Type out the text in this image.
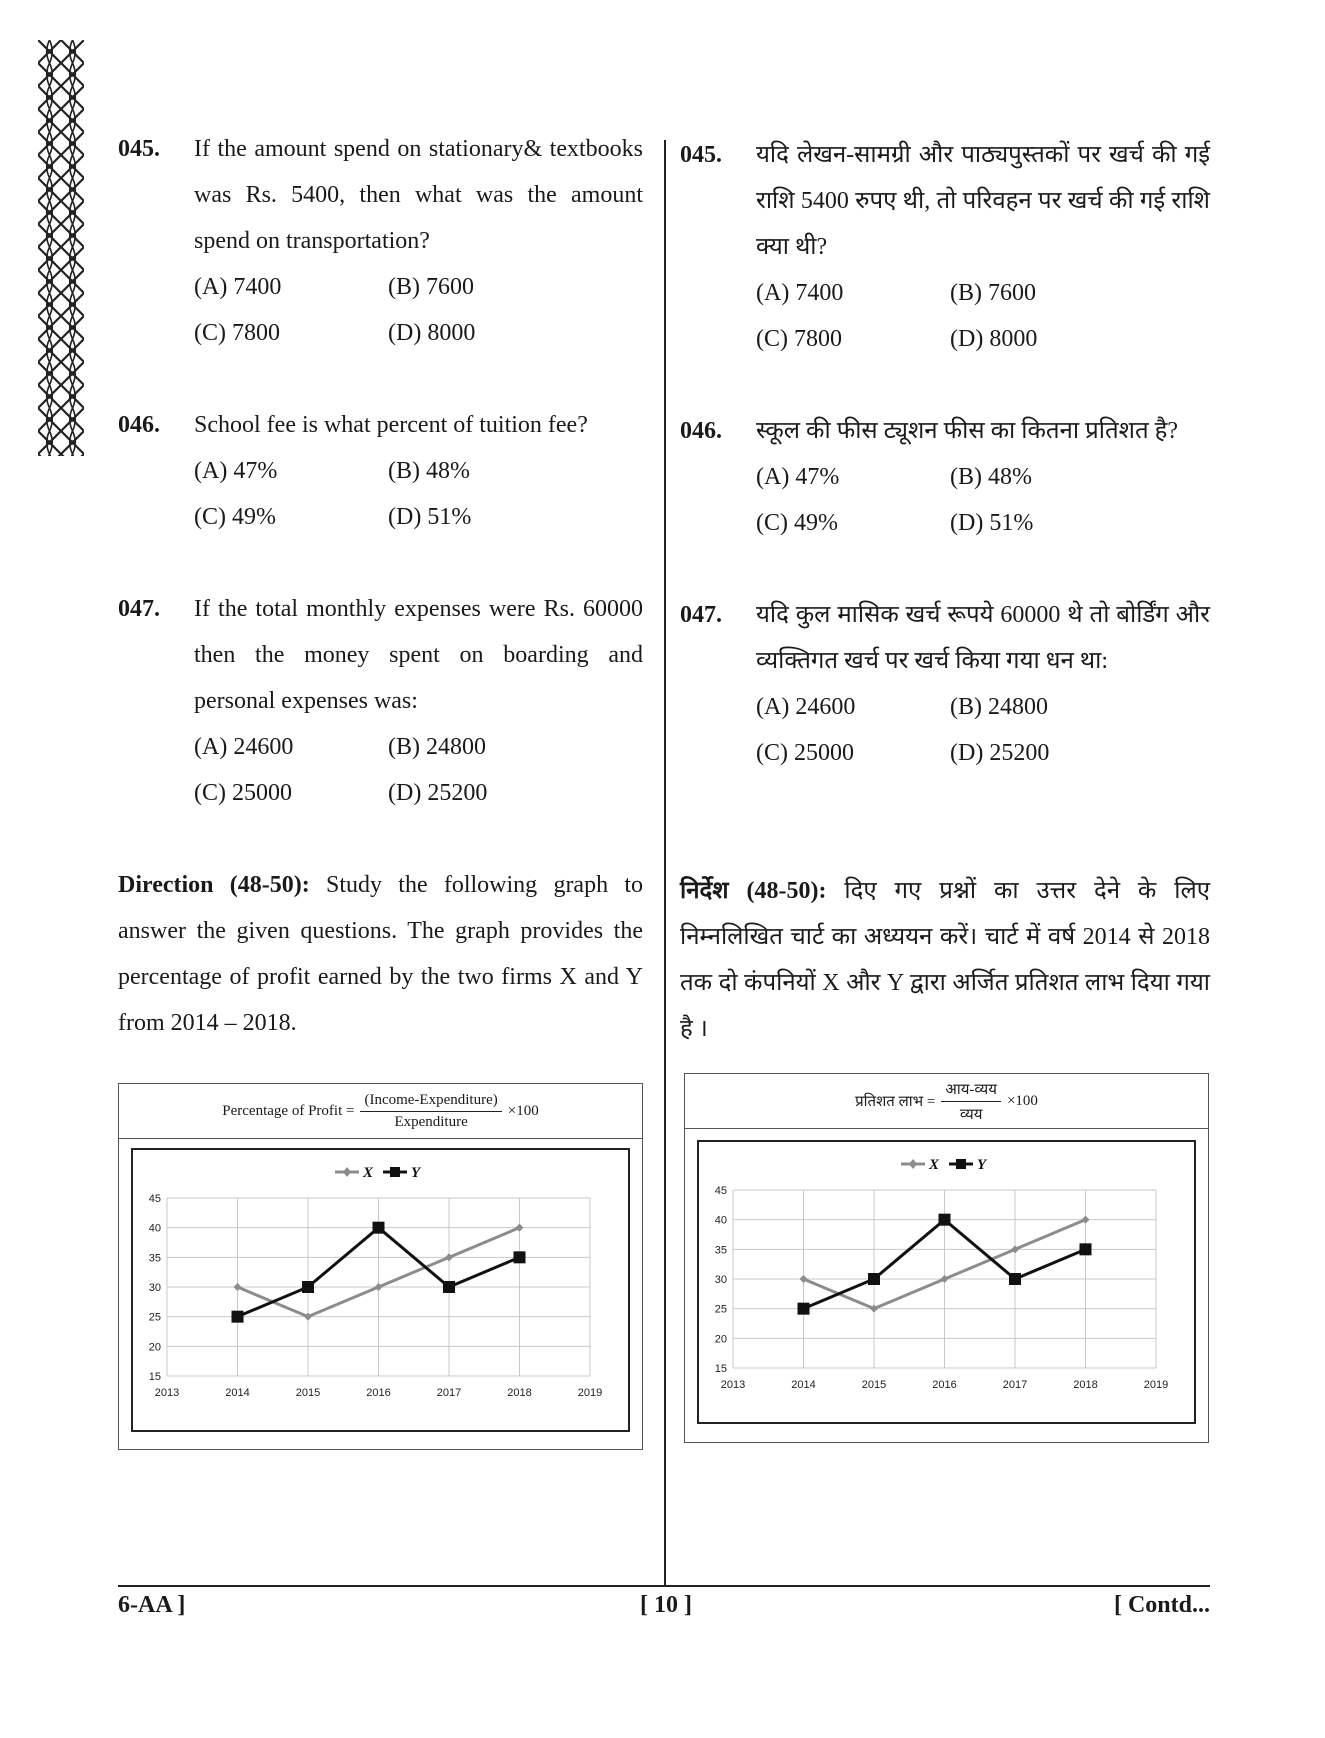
045. If the amount spend on stationary& textbooks was Rs. 5400, then what was the amount spend on transportation?
(A) 7400	(B) 7600
(C) 7800	(D) 8000
046. School fee is what percent of tuition fee?
(A) 47%	(B) 48%
(C) 49%	(D) 51%
047. If the total monthly expenses were Rs. 60000 then the money spent on boarding and personal expenses was:
(A) 24600	(B) 24800
(C) 25000	(D) 25200
Direction (48-50): Study the following graph to answer the given questions. The graph provides the percentage of profit earned by the two firms X and Y from 2014 – 2018.
045. यदि लेखन-सामग्री और पाठ्यपुस्तकों पर खर्च की गई राशि 5400 रुपए थी, तो परिवहन पर खर्च की गई राशि क्या थी?
(A) 7400	(B) 7600
(C) 7800	(D) 8000
046. स्कूल की फीस ट्यूशन फीस का कितना प्रतिशत है?
(A) 47%	(B) 48%
(C) 49%	(D) 51%
047. यदि कुल मासिक खर्च रूपये 60000 थे तो बोर्डिंग और व्यक्तिगत खर्च पर खर्च किया गया धन था:
(A) 24600	(B) 24800
(C) 25000	(D) 25200
निर्देश (48-50): दिए गए प्रश्नों का उत्तर देने के लिए निम्नलिखित चार्ट का अध्ययन करें। चार्ट में वर्ष 2014 से 2018 तक दो कंपनियों X और Y द्वारा अर्जित प्रतिशत लाभ दिया गया है ।
Percentage of Profit = $\frac{\text{(Income-Expenditure)}}{\text{Expenditure}} \times 100$
15
20
25
30
35
40
45
2013	2014	2015	2016	2017	2018	2019
X	Y
प्रतिशत लाभ = $\frac{\text{आय-व्यय}}{\text{व्यय}} \times 100$
15
20
25
30
35
40
45
2013	2014	2015	2016	2017	2018	2019
X	Y
6-AA ]	[ 10 ]	[ Contd...
